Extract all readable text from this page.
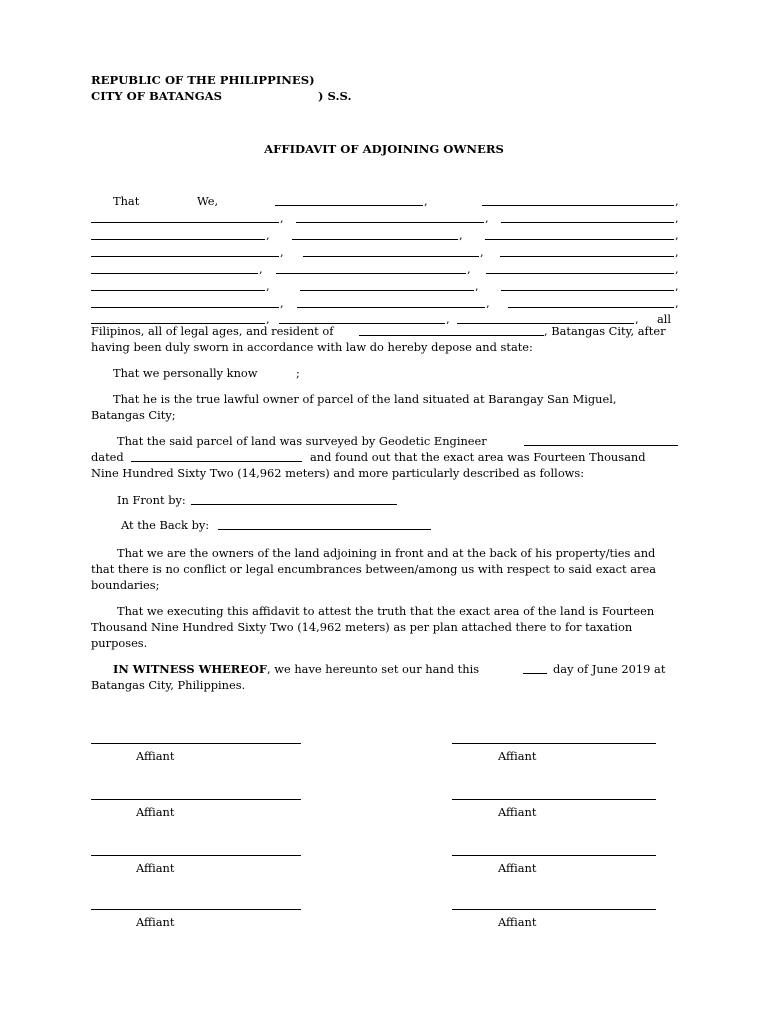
REPUBLIC OF THE PHILIPPINES)
CITY OF BATANGAS	) S.S.
AFFIDAVIT OF ADJOINING OWNERS
That	We,	,	,
,	,	,
,	,	,
,	,	,
,	,	,
,	,	,
,	,	,
,	,	, all
Filipinos, all of legal ages, and resident of	, Batangas City, after
having been duly sworn in accordance with law do hereby depose and state:
That we personally know	;
That he is the true lawful owner of parcel of the land situated at Barangay San Miguel,
Batangas City;
That the said parcel of land was surveyed by Geodetic Engineer
dated	and found out that the exact area was Fourteen Thousand
Nine Hundred Sixty Two (14,962 meters) and more particularly described as follows:
In Front by:
At the Back by:
That we are the owners of the land adjoining in front and at the back of his property/ties and
that there is no conflict or legal encumbrances between/among us with respect to said exact area
boundaries;
That we executing this affidavit to attest the truth that the exact area of the land is Fourteen
Thousand Nine Hundred Sixty Two (14,962 meters) as per plan attached there to for taxation
purposes.
IN WITNESS WHEREOF, we have hereunto set our hand this	day of June 2019 at
Batangas City, Philippines.
Affiant	Affiant
Affiant	Affiant
Affiant	Affiant
Affiant	Affiant
